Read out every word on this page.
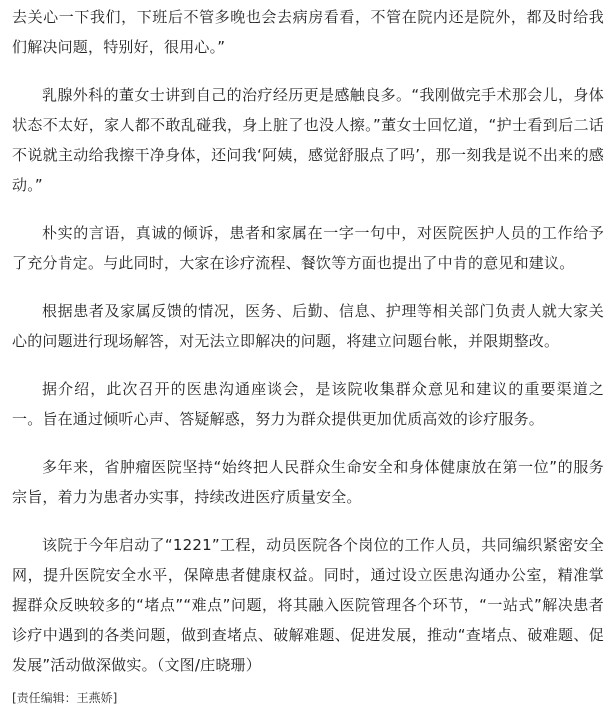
去关心一下我们，下班后不管多晚也会去病房看看，不管在院内还是院外，都及时给我们解决问题，特别好，很用心。”

乳腺外科的董女士讲到自己的治疗经历更是感触良多。“我刚做完手术那会儿，身体状态不太好，家人都不敢乱碰我，身上脏了也没人擦。”董女士回忆道，“护士看到后二话不说就主动给我擦干净身体，还问我‘阿姨，感觉舒服点了吗’，那一刻我是说不出来的感动。”

朴实的言语，真诚的倾诉，患者和家属在一字一句中，对医院医护人员的工作给予了充分肯定。与此同时，大家在诊疗流程、餐饮等方面也提出了中肯的意见和建议。

根据患者及家属反馈的情况，医务、后勤、信息、护理等相关部门负责人就大家关心的问题进行现场解答，对无法立即解决的问题，将建立问题台帐，并限期整改。

据介绍，此次召开的医患沟通座谈会，是该院收集群众意见和建议的重要渠道之一。旨在通过倾听心声、答疑解惑，努力为群众提供更加优质高效的诊疗服务。

多年来，省肿瘤医院坚持“始终把人民群众生命安全和身体健康放在第一位”的服务宗旨，着力为患者办实事，持续改进医疗质量安全。

该院于今年启动了“1221”工程，动员医院各个岗位的工作人员，共同编织紧密安全网，提升医院安全水平，保障患者健康权益。同时，通过设立医患沟通办公室，精准掌握群众反映较多的“堵点”“难点”问题，将其融入医院管理各个环节，“一站式”解决患者诊疗中遇到的各类问题，做到查堵点、破解难题、促进发展，推动“查堵点、破难题、促发展”活动做深做实。（文图/庄晓珊）

[责任编辑：王燕娇]
